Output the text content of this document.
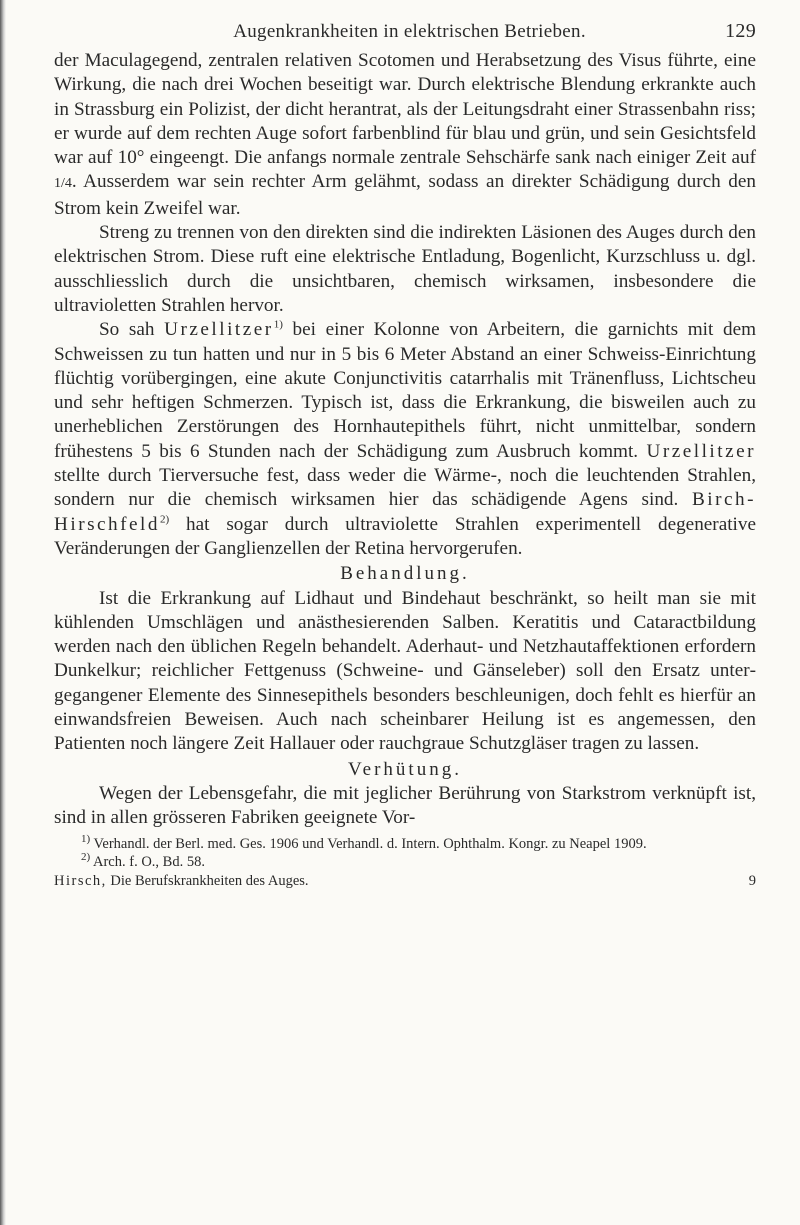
Augenkrankheiten in elektrischen Betrieben.	129

der Maculagegend, zentralen relativen Scotomen und Herabsetzung des Visus führte, eine Wirkung, die nach drei Wochen beseitigt war. Durch elektrische Blendung erkrankte auch in Strassburg ein Polizist, der dicht herantrat, als der Leitungsdraht einer Strassenbahn riss; er wurde auf dem rechten Auge sofort farbenblind für blau und grün, und sein Gesichtsfeld war auf 10° eingeengt. Die anfangs normale zentrale Sehschärfe sank nach einiger Zeit auf 1/4. Ausserdem war sein rechter Arm gelähmt, sodass an direkter Schädigung durch den Strom kein Zweifel war.

Streng zu trennen von den direkten sind die indirekten Läsionen des Auges durch den elektrischen Strom. Diese ruft eine elektrische Entladung, Bogenlicht, Kurzschluss u. dgl. ausschliesslich durch die unsichtbaren, chemisch wirksamen, insbesondere die ultravioletten Strahlen hervor.

So sah Urzellitzer$^{1)}$ bei einer Kolonne von Arbeitern, die garnichts mit dem Schweissen zu tun hatten und nur in 5 bis 6 Meter Abstand an einer Schweiss-Einrichtung flüchtig vorübergingen, eine akute Conjunctivitis catarrhalis mit Tränenfluss, Lichtscheu und sehr heftigen Schmerzen. Typisch ist, dass die Erkrankung, die bisweilen auch zu unerheblichen Zerstörungen des Hornhautepithels führt, nicht unmittelbar, sondern frühestens 5 bis 6 Stunden nach der Schädigung zum Ausbruch kommt. Urzellitzer stellte durch Tierversuche fest, dass weder die Wärme-, noch die leuchtenden Strahlen, sondern nur die chemisch wirksamen hier das schädigende Agens sind. Birch-Hirschfeld$^{2)}$ hat sogar durch ultraviolette Strahlen experimentell degenerative Veränderungen der Ganglienzellen der Retina hervorgerufen.

Behandlung.

Ist die Erkrankung auf Lidhaut und Bindehaut beschränkt, so heilt man sie mit kühlenden Umschlägen und anästhesierenden Salben. Keratitis und Cataractbildung werden nach den üblichen Regeln behandelt. Aderhaut- und Netzhautaffektionen erfordern Dunkelkur; reichlicher Fettgenuss (Schweine- und Gänseleber) soll den Ersatz untergegangener Elemente des Sinnesepithels besonders beschleunigen, doch fehlt es hierfür an einwandsfreien Beweisen. Auch nach scheinbarer Heilung ist es angemessen, den Patienten noch längere Zeit Hallauer oder rauchgraue Schutzgläser tragen zu lassen.

Verhütung.

Wegen der Lebensgefahr, die mit jeglicher Berührung von Starkstrom verknüpft ist, sind in allen grösseren Fabriken geeignete Vor-

$^{1)}$ Verhandl. der Berl. med. Ges. 1906 und Verhandl. d. Intern. Ophthalm. Kongr. zu Neapel 1909.

$^{2)}$ Arch. f. O., Bd. 58.

Hirsch, Die Berufskrankheiten des Auges.	9
